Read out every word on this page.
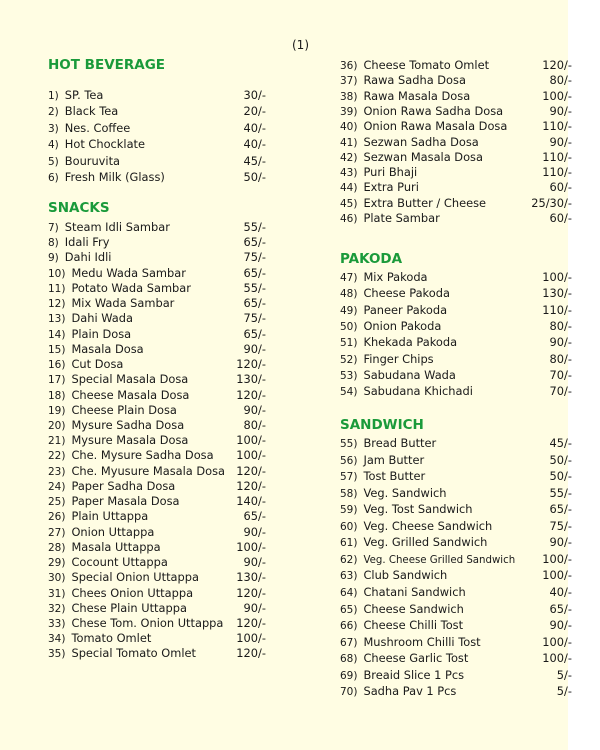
(1)
HOT BEVERAGE
1) SP. Tea	30/-
2) Black Tea	20/-
3) Nes. Coffee	40/-
4) Hot Chocklate	40/-
5) Bouruvita	45/-
6) Fresh Milk (Glass)	50/-
SNACKS
7) Steam Idli Sambar	55/-
8) Idali Fry	65/-
9) Dahi Idli	75/-
10) Medu Wada Sambar	65/-
11) Potato Wada Sambar	55/-
12) Mix Wada Sambar	65/-
13) Dahi Wada	75/-
14) Plain Dosa	65/-
15) Masala Dosa	90/-
16) Cut Dosa	120/-
17) Special Masala Dosa	130/-
18) Cheese Masala Dosa	120/-
19) Cheese Plain Dosa	90/-
20) Mysure Sadha Dosa	80/-
21) Mysure Masala Dosa	100/-
22) Che. Mysure Sadha Dosa 100/-
23) Che. Myusure Masala Dosa 120/-
24) Paper Sadha Dosa	120/-
25) Paper Masala Dosa	140/-
26) Plain Uttappa	65/-
27) Onion Uttappa	90/-
28) Masala Uttappa	100/-
29) Cocount Uttappa	90/-
30) Special Onion Uttappa	130/-
31) Chees Onion Uttappa	120/-
32) Chese Plain Uttappa	90/-
33) Chese Tom. Onion Uttappa 120/-
34) Tomato Omlet	100/-
35) Special Tomato Omlet	120/-
36) Cheese Tomato Omlet	120/-
37) Rawa Sadha Dosa	80/-
38) Rawa Masala Dosa	100/-
39) Onion Rawa Sadha Dosa	90/-
40) Onion Rawa Masala Dosa	110/-
41) Sezwan Sadha Dosa	90/-
42) Sezwan Masala Dosa	110/-
43) Puri Bhaji	110/-
44) Extra Puri	60/-
45) Extra Butter / Cheese	25/30/-
46) Plate Sambar	60/-
PAKODA
47) Mix Pakoda	100/-
48) Cheese Pakoda	130/-
49) Paneer Pakoda	110/-
50) Onion Pakoda	80/-
51) Khekada Pakoda	90/-
52) Finger Chips	80/-
53) Sabudana Wada	70/-
54) Sabudana Khichadi	70/-
SANDWICH
55) Bread Butter	45/-
56) Jam Butter	50/-
57) Tost Butter	50/-
58) Veg. Sandwich	55/-
59) Veg. Tost Sandwich	65/-
60) Veg. Cheese Sandwich	75/-
61) Veg. Grilled Sandwich	90/-
62) Veg. Cheese Grilled Sandwich 100/-
63) Club Sandwich	100/-
64) Chatani Sandwich	40/-
65) Cheese Sandwich	65/-
66) Cheese Chilli Tost	90/-
67) Mushroom Chilli Tost	100/-
68) Cheese Garlic Tost	100/-
69) Breaid Slice 1 Pcs	5/-
70) Sadha Pav 1 Pcs	5/-
